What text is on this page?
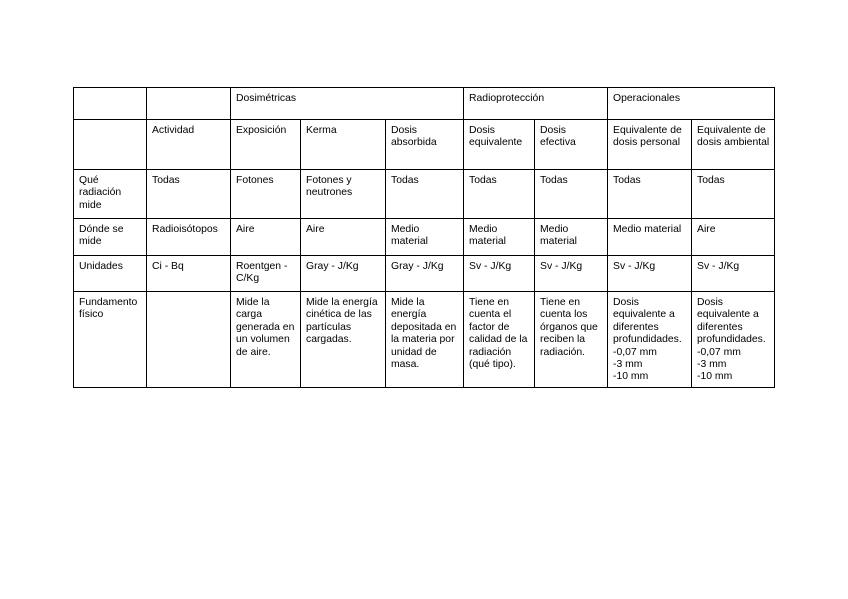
		Dosimétricas			Radioprotección		Operacionales	

	Actividad	Exposición	Kerma	Dosis absorbida	Dosis equivalente	Dosis efectiva	Equivalente de dosis personal	Equivalente de dosis ambiental

Qué radiación mide	Todas	Fotones	Fotones y neutrones	Todas	Todas	Todas	Todas	Todas

Dónde se mide	Radioisótopos	Aire	Aire	Medio material	Medio material	Medio material	Medio material	Aire

Unidades	Ci - Bq	Roentgen - C/Kg	Gray - J/Kg	Gray - J/Kg	Sv - J/Kg	Sv - J/Kg	Sv - J/Kg	Sv - J/Kg

Fundamento físico		Mide la carga generada en un volumen de aire.	Mide la energía cinética de las partículas cargadas.	Mide la energía depositada en la materia por unidad de masa.	Tiene en cuenta el factor de calidad de la radiación (qué tipo).	Tiene en cuenta los órganos que reciben la radiación.	Dosis equivalente a diferentes profundidades.
-0,07 mm
-3 mm
-10 mm	Dosis equivalente a diferentes profundidades.
-0,07 mm
-3 mm
-10 mm
